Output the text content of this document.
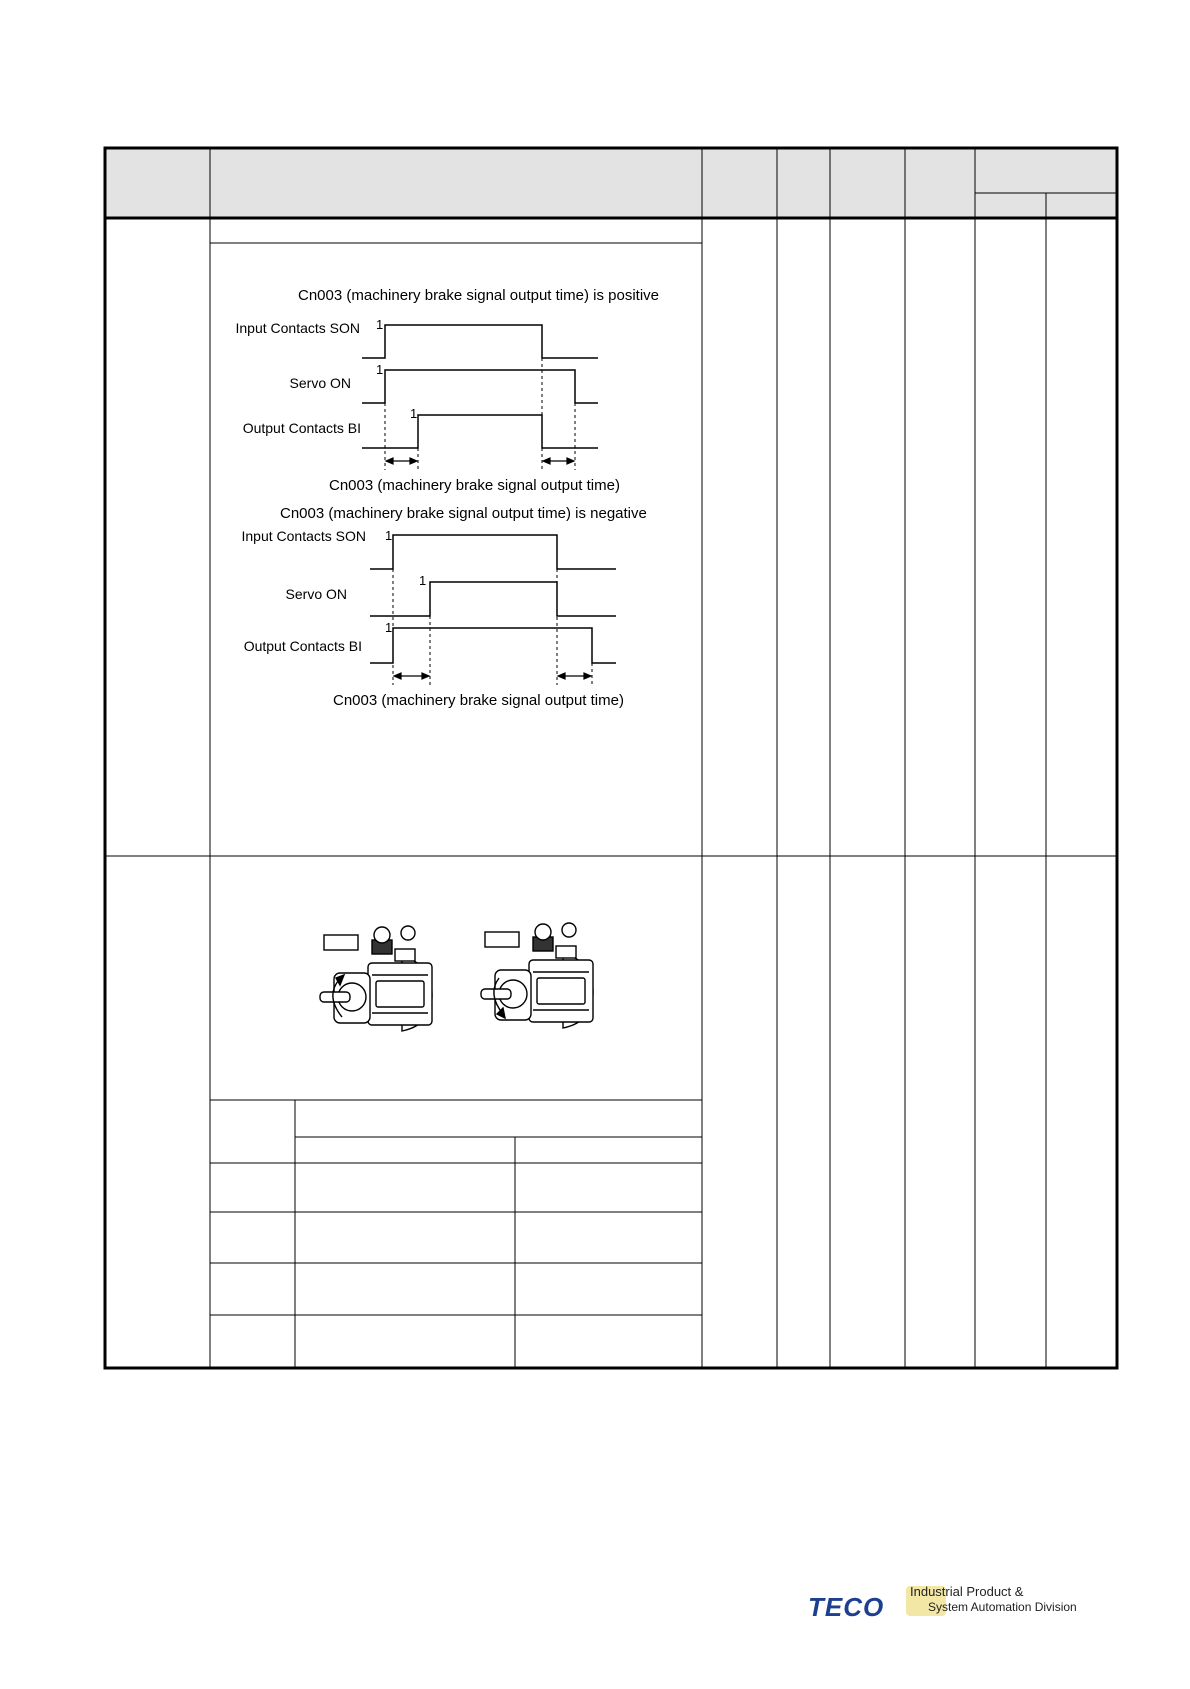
Cn003 (machinery brake signal output time) is positive
Input Contacts SON
Servo ON
Output Contacts BI
1
1
1
Cn003 (machinery brake signal output time)
Cn003 (machinery brake signal output time) is negative
Input Contacts SON
Servo ON
Output Contacts BI
1
1
1
Cn003 (machinery brake signal output time)
TECO
Industrial Product &
System Automation Division
